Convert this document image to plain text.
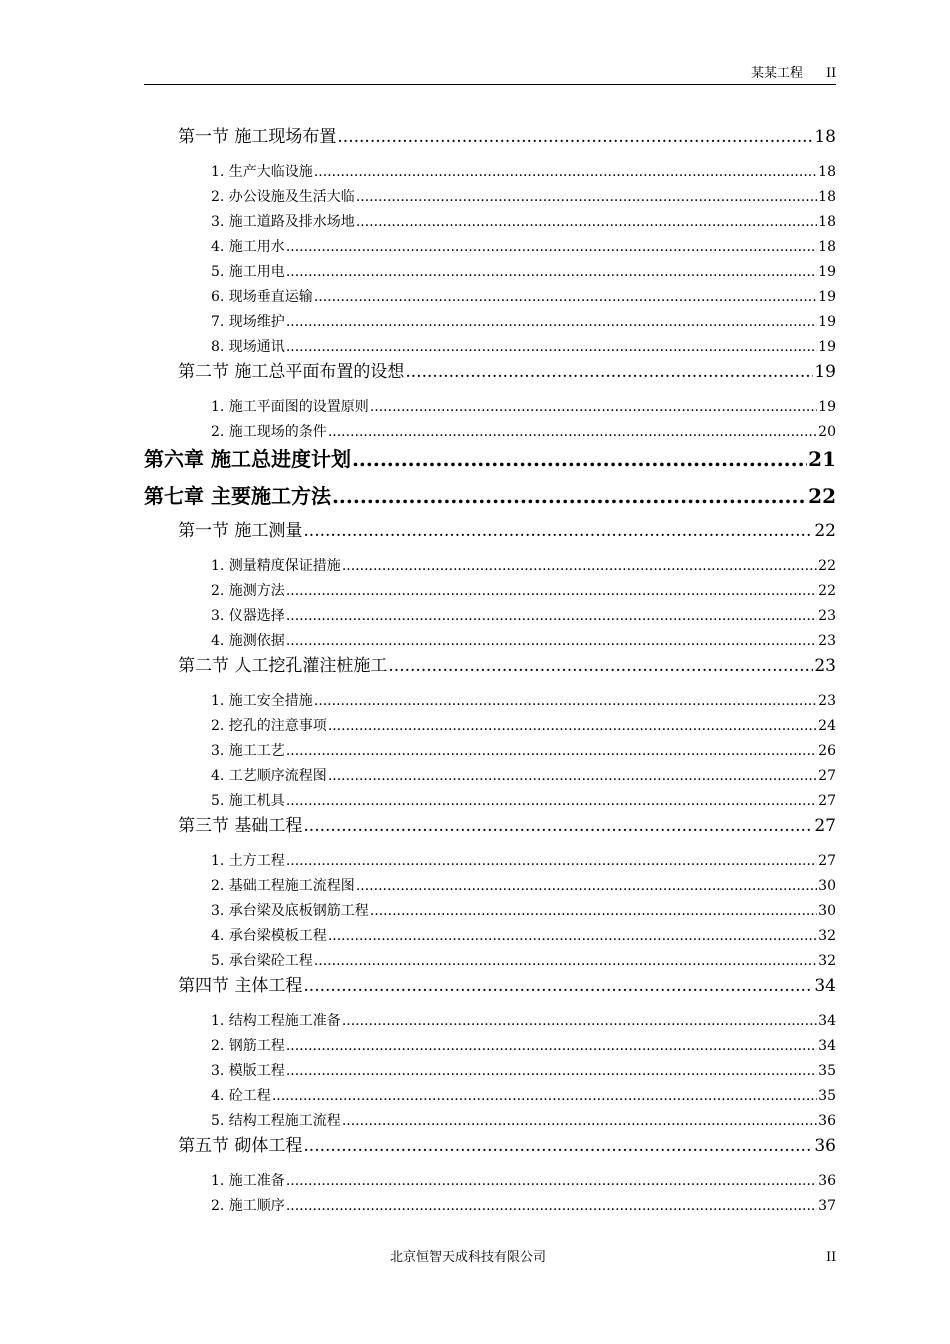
某某工程 II
第一节 施工现场布置 .....	18
1. 生产大临设施 .....	18
2. 办公设施及生活大临 .....	18
3. 施工道路及排水场地 .....	18
4. 施工用水 .....	18
5. 施工用电 .....	19
6. 现场垂直运输 .....	19
7. 现场维护 .....	19
8. 现场通讯 .....	19
第二节 施工总平面布置的设想 .....	19
1. 施工平面图的设置原则 .....	19
2. 施工现场的条件 .....	20
第六章 施工总进度计划 .....	21
第七章 主要施工方法 .....	22
第一节 施工测量 .....	22
1. 测量精度保证措施 .....	22
2. 施测方法 .....	22
3. 仪器选择 .....	23
4. 施测依据 .....	23
第二节 人工挖孔灌注桩施工 .....	23
1. 施工安全措施 .....	23
2. 挖孔的注意事项 .....	24
3. 施工工艺 .....	26
4. 工艺顺序流程图 .....	27
5. 施工机具 .....	27
第三节 基础工程 .....	27
1. 土方工程 .....	27
2. 基础工程施工流程图 .....	30
3. 承台梁及底板钢筋工程 .....	30
4. 承台梁模板工程 .....	32
5. 承台梁砼工程 .....	32
第四节 主体工程 .....	34
1. 结构工程施工准备 .....	34
2. 钢筋工程 .....	34
3. 模版工程 .....	35
4. 砼工程 .....	35
5. 结构工程施工流程 .....	36
第五节 砌体工程 .....	36
1. 施工准备 .....	36
2. 施工顺序 .....	37
北京恒智天成科技有限公司	II
